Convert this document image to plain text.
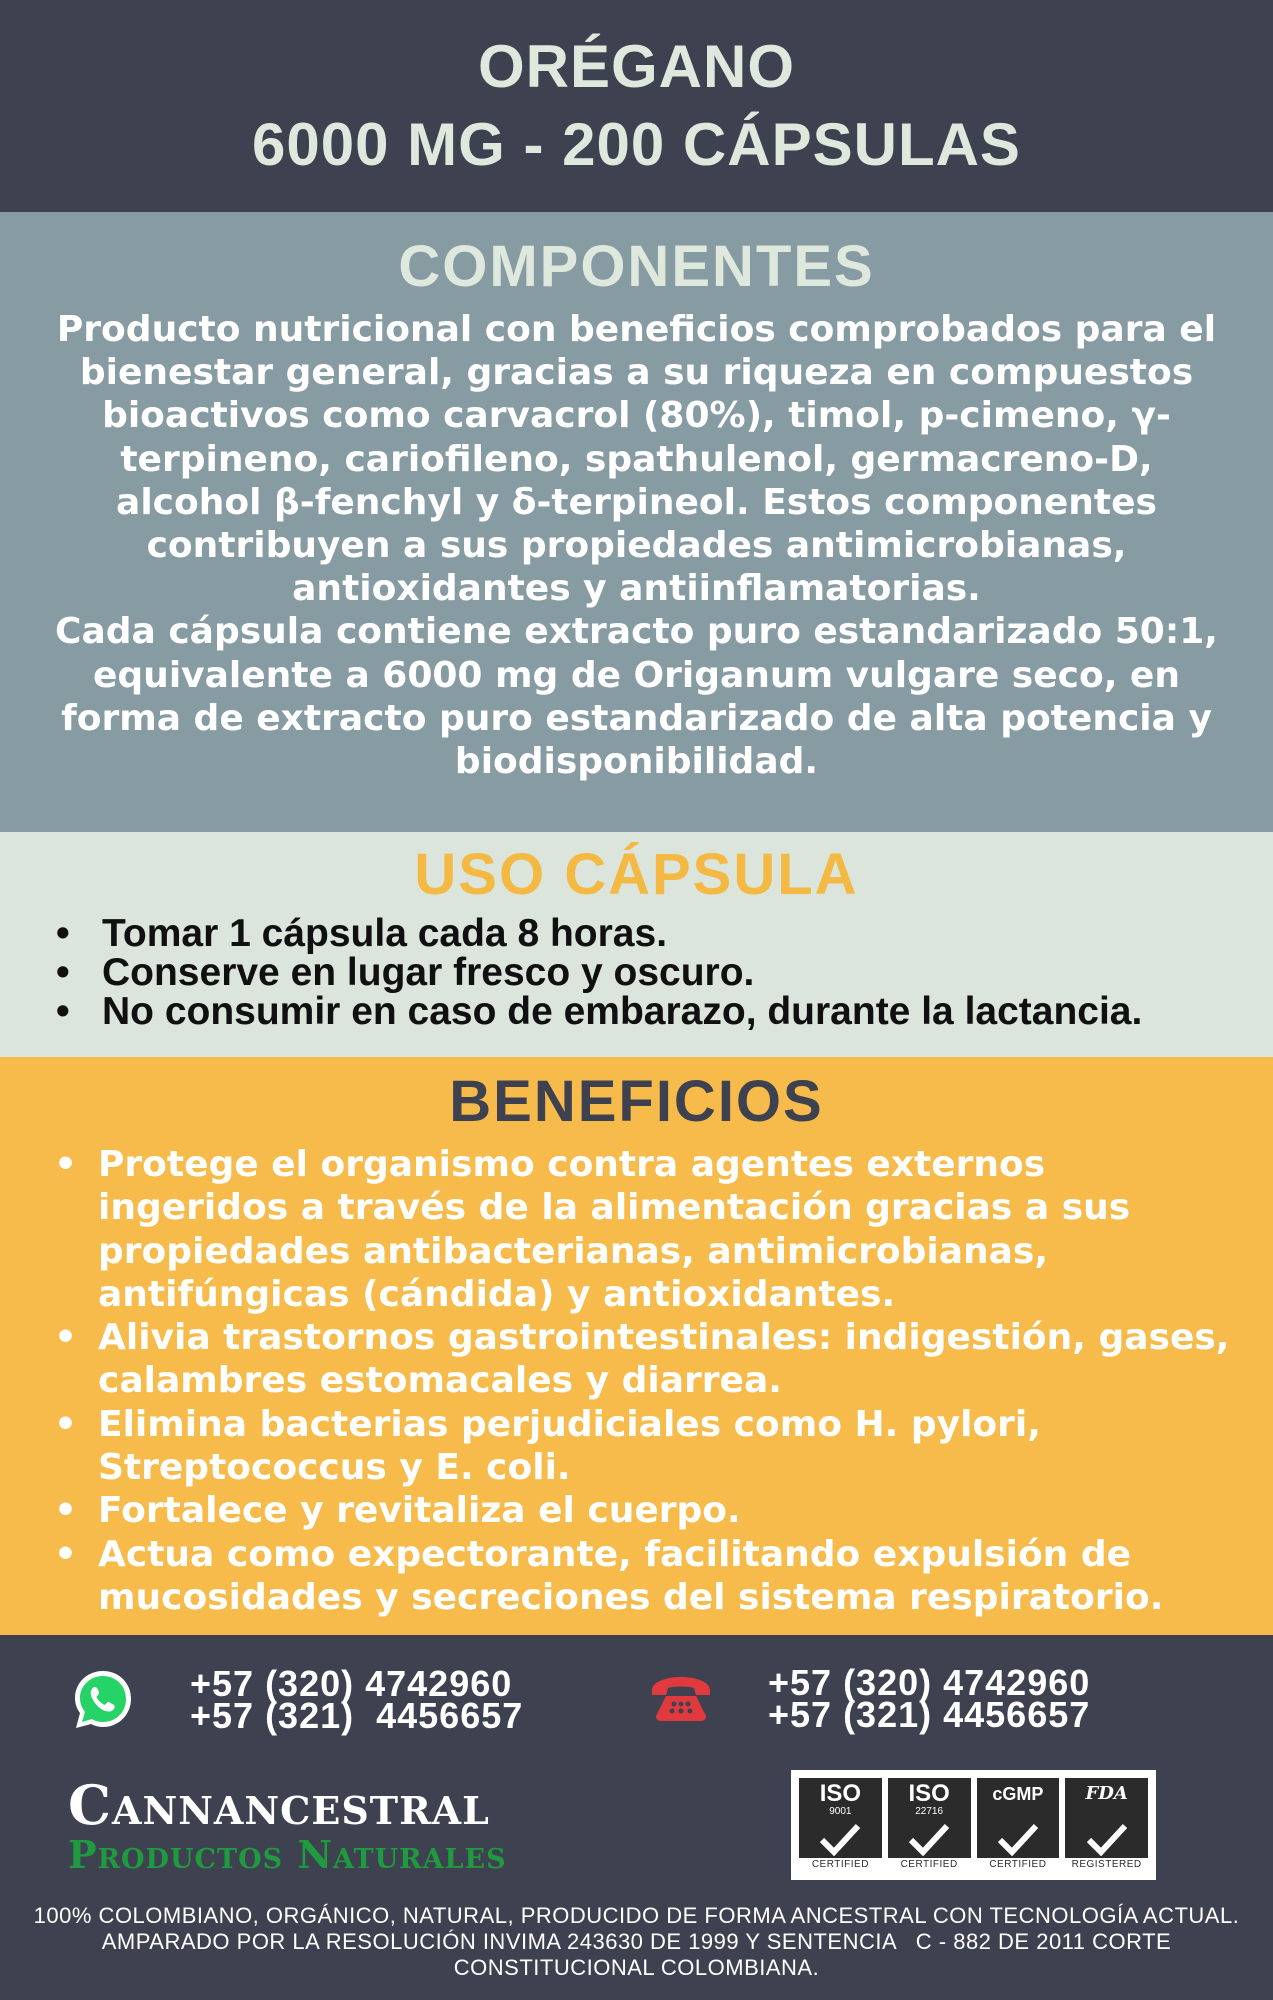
ORÉGANO
6000 MG - 200 CÁPSULAS
COMPONENTES
Producto nutricional con beneficios comprobados para el bienestar general, gracias a su riqueza en compuestos bioactivos como carvacrol (80%), timol, p-cimeno, γ-terpineno, cariofileno, spathulenol, germacreno-D, alcohol β-fenchyl y δ-terpineol. Estos componentes contribuyen a sus propiedades antimicrobianas, antioxidantes y antiinflamatorias.
Cada cápsula contiene extracto puro estandarizado 50:1, equivalente a 6000 mg de Origanum vulgare seco, en forma de extracto puro estandarizado de alta potencia y biodisponibilidad.
USO CÁPSULA
• Tomar 1 cápsula cada 8 horas.
• Conserve en lugar fresco y oscuro.
• No consumir en caso de embarazo, durante la lactancia.
BENEFICIOS
• Protege el organismo contra agentes externos ingeridos a través de la alimentación gracias a sus propiedades antibacterianas, antimicrobianas, antifúngicas (cándida) y antioxidantes.
• Alivia trastornos gastrointestinales: indigestión, gases, calambres estomacales y diarrea.
• Elimina bacterias perjudiciales como H. pylori, Streptococcus y E. coli.
• Fortalece y revitaliza el cuerpo.
• Actua como expectorante, facilitando expulsión de mucosidades y secreciones del sistema respiratorio.
+57 (320) 4742960
+57 (321)  4456657
+57 (320) 4742960
+57 (321) 4456657
Cannancestral
Productos Naturales
ISO
9001
CERTIFIED
ISO
22716
CERTIFIED
cGMP
CERTIFIED
FDA
REGISTERED
100% COLOMBIANO, ORGÁNICO, NATURAL, PRODUCIDO DE FORMA ANCESTRAL CON TECNOLOGÍA ACTUAL. AMPARADO POR LA RESOLUCIÓN INVIMA 243630 DE 1999 Y SENTENCIA   C - 882 DE 2011 CORTE CONSTITUCIONAL COLOMBIANA.
